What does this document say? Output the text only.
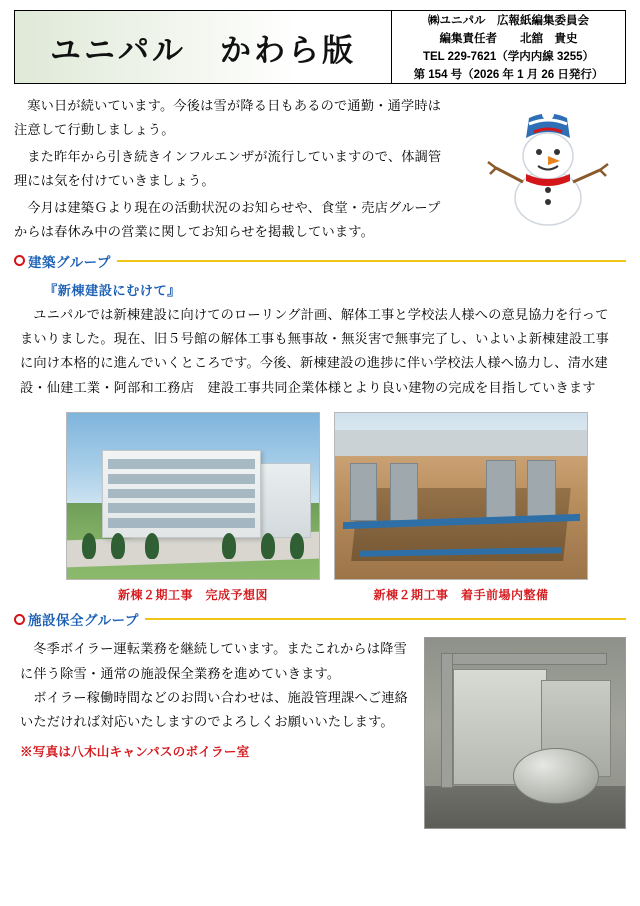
ユニパル　かわら版
㈱ユニパル　広報紙編集委員会
編集責任者　　北舘　貴史
TEL 229-7621（学内内線 3255）
第 154 号（2026 年 1 月 26 日発行）

寒い日が続いています。今後は雪が降る日もあるので通勤・通学時は注意して行動しましょう。

また昨年から引き続きインフルエンザが流行していますので、体調管理には気を付けていきましょう。

今月は建築Ｇより現在の活動状況のお知らせや、食堂・売店グループからは春休み中の営業に関してお知らせを掲載しています。

建築グループ
『新棟建設にむけて』

ユニパルでは新棟建設に向けてのローリング計画、解体工事と学校法人様への意見協力を行ってまいりました。現在、旧５号館の解体工事も無事故・無災害で無事完了し、いよいよ新棟建設工事に向け本格的に進んでいくところです。今後、新棟建設の進捗に伴い学校法人様へ協力し、清水建設・仙建工業・阿部和工務店　建設工事共同企業体様とより良い建物の完成を目指していきます

新棟２期工事　完成予想図	新棟２期工事　着手前場内整備
施設保全グループ

冬季ボイラー運転業務を継続しています。またこれからは降雪に伴う除雪・通常の施設保全業務を進めていきます。

ボイラー稼働時間などのお問い合わせは、施設管理課へご連絡いただければ対応いたしますのでよろしくお願いいたします。

※写真は八木山キャンパスのボイラー室
